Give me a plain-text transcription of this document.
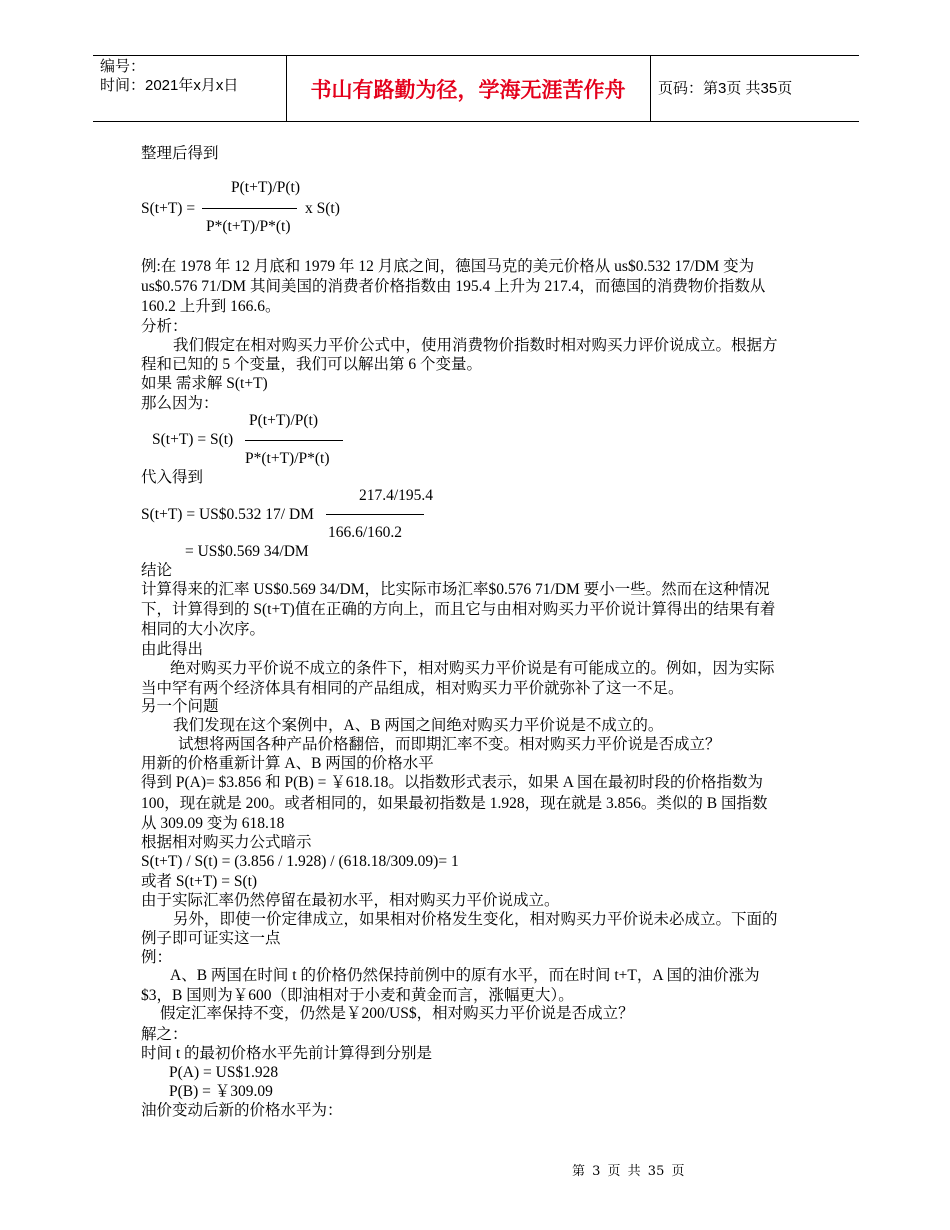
编号：
时间：2021年x月x日	书山有路勤为径，学海无涯苦作舟	页码：第3页 共35页
整理后得到
P(t+T)/P(t)
S(t+T) =	x S(t)
P*(t+T)/P*(t)
例:在 1978 年 12 月底和 1979 年 12 月底之间，德国马克的美元价格从 us$0.532 17/DM 变为
us$0.576 71/DM 其间美国的消费者价格指数由 195.4 上升为 217.4，而德国的消费物价指数从
160.2 上升到 166.6。
分析：
我们假定在相对购买力平价公式中，使用消费物价指数时相对购买力评价说成立。根据方
程和已知的 5 个变量，我们可以解出第 6 个变量。
如果 需求解 S(t+T)
那么因为：
P(t+T)/P(t)
S(t+T) = S(t)
P*(t+T)/P*(t)
代入得到
217.4/195.4
S(t+T) = US$0.532 17/ DM
166.6/160.2
= US$0.569 34/DM
结论
计算得来的汇率 US$0.569 34/DM，比实际市场汇率$0.576 71/DM 要小一些。然而在这种情况
下，计算得到的 S(t+T)值在正确的方向上，而且它与由相对购买力平价说计算得出的结果有着
相同的大小次序。
由此得出
绝对购买力平价说不成立的条件下，相对购买力平价说是有可能成立的。例如，因为实际
当中罕有两个经济体具有相同的产品组成，相对购买力平价就弥补了这一不足。
另一个问题
我们发现在这个案例中，A、B 两国之间绝对购买力平价说是不成立的。
试想将两国各种产品价格翻倍，而即期汇率不变。相对购买力平价说是否成立？
用新的价格重新计算 A、B 两国的价格水平
得到 P(A)= $3.856 和 P(B) = ￥618.18。以指数形式表示，如果 A 国在最初时段的价格指数为
100，现在就是 200。或者相同的，如果最初指数是 1.928，现在就是 3.856。类似的 B 国指数
从 309.09 变为 618.18
根据相对购买力公式暗示
S(t+T) / S(t) = (3.856 / 1.928) / (618.18/309.09)= 1
或者 S(t+T) = S(t)
由于实际汇率仍然停留在最初水平，相对购买力平价说成立。
另外，即使一价定律成立，如果相对价格发生变化，相对购买力平价说未必成立。下面的
例子即可证实这一点
例：
A、B 两国在时间 t 的价格仍然保持前例中的原有水平，而在时间 t+T，A 国的油价涨为
$3，B 国则为￥600（即油相对于小麦和黄金而言，涨幅更大）。
假定汇率保持不变，仍然是￥200/US$，相对购买力平价说是否成立？
解之：
时间 t 的最初价格水平先前计算得到分别是
P(A) = US$1.928
P(B) = ￥309.09
油价变动后新的价格水平为：
第 3 页 共 35 页
